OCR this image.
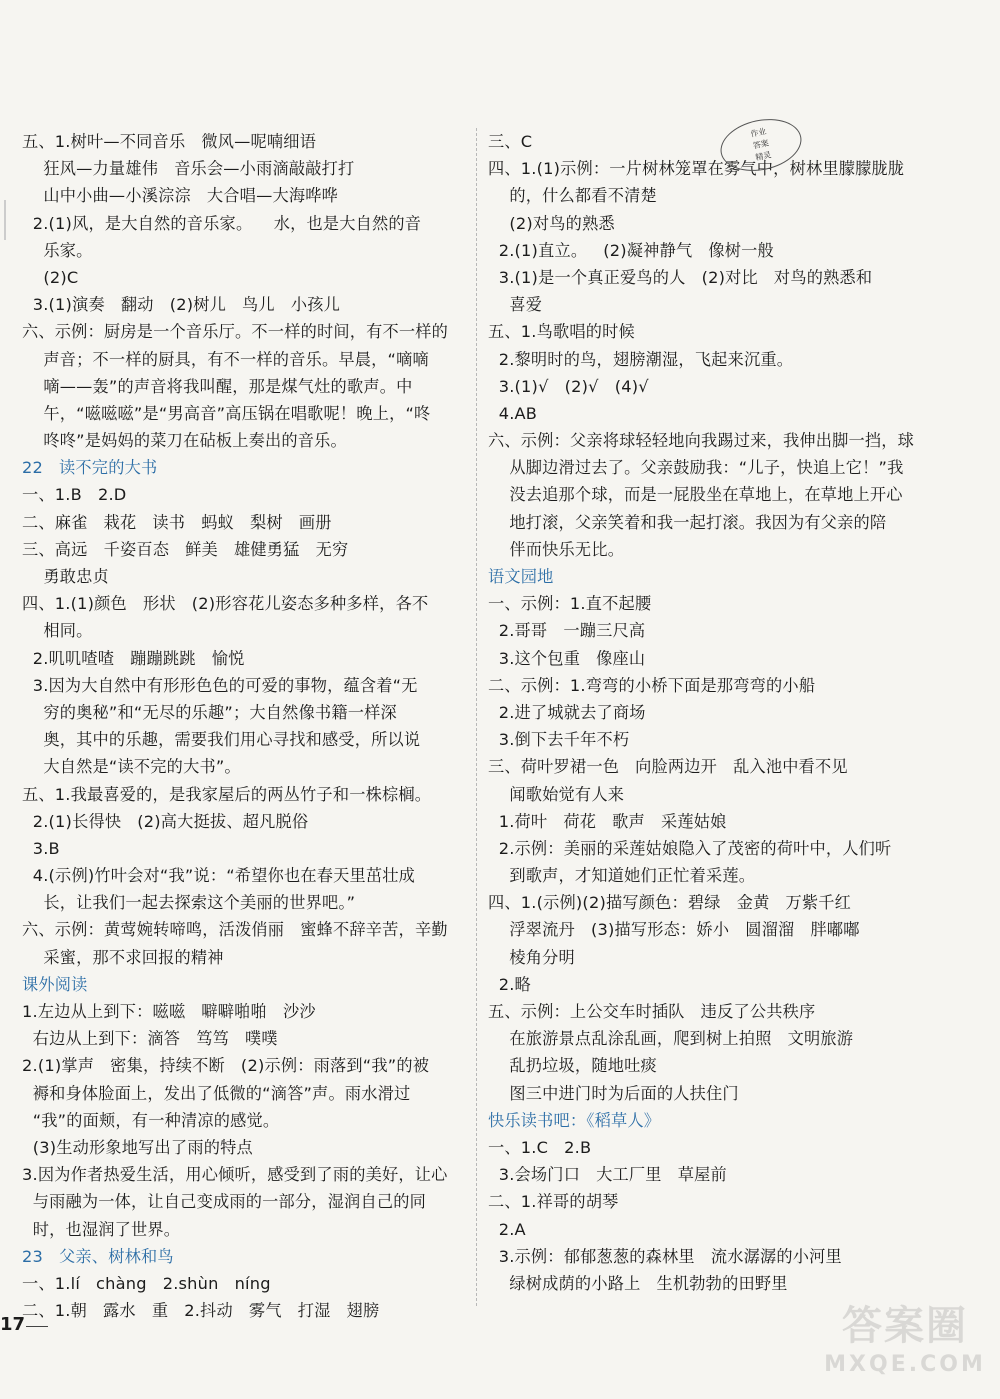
五、1.树叶—不同音乐   微风—呢喃细语
狂风—力量雄伟   音乐会—小雨滴敲敲打打
山中小曲—小溪淙淙   大合唱—大海哗哗
2.(1)风，是大自然的音乐家。    水，也是大自然的音
乐家。
(2)C
3.(1)演奏   翻动   (2)树儿   鸟儿   小孩儿
六、示例：厨房是一个音乐厅。不一样的时间，有不一样的
声音；不一样的厨具，有不一样的音乐。早晨，“嘀嘀
嘀——轰”的声音将我叫醒，那是煤气灶的歌声。中
午，“嗞嗞嗞”是“男高音”高压锅在唱歌呢！晚上，“咚
咚咚”是妈妈的菜刀在砧板上奏出的音乐。
22   读不完的大书
一、1.B   2.D
二、麻雀   栽花   读书   蚂蚁   梨树   画册
三、高远   千姿百态   鲜美   雄健勇猛   无穷
勇敢忠贞
四、1.(1)颜色   形状   (2)形容花儿姿态多种多样，各不
相同。
2.叽叽喳喳   蹦蹦跳跳   愉悦
3.因为大自然中有形形色色的可爱的事物，蕴含着“无
穷的奥秘”和“无尽的乐趣”；大自然像书籍一样深
奥，其中的乐趣，需要我们用心寻找和感受，所以说
大自然是“读不完的大书”。
五、1.我最喜爱的，是我家屋后的两丛竹子和一株棕榈。
2.(1)长得快   (2)高大挺拔、超凡脱俗
3.B
4.(示例)竹叶会对“我”说：“希望你也在春天里茁壮成
长，让我们一起去探索这个美丽的世界吧。”
六、示例：黄莺婉转啼鸣，活泼俏丽   蜜蜂不辞辛苦，辛勤
采蜜，那不求回报的精神
课外阅读
1.左边从上到下：嗞嗞   噼噼啪啪   沙沙
右边从上到下：滴答   笃笃   噗噗
2.(1)掌声   密集，持续不断   (2)示例：雨落到“我”的被
褥和身体脸面上，发出了低微的“滴答”声。雨水滑过
“我”的面颊，有一种清凉的感觉。
(3)生动形象地写出了雨的特点
3.因为作者热爱生活，用心倾听，感受到了雨的美好，让心
与雨融为一体，让自己变成雨的一部分，湿润自己的同
时，也湿润了世界。
23   父亲、树林和鸟
一、1.lí   chàng   2.shùn   níng
二、1.朝   露水   重   2.抖动   雾气   打湿   翅膀
三、C
四、1.(1)示例：一片树林笼罩在雾气中，树林里朦朦胧胧
的，什么都看不清楚
(2)对鸟的熟悉
2.(1)直立。   (2)凝神静气   像树一般
3.(1)是一个真正爱鸟的人   (2)对比   对鸟的熟悉和
喜爱
五、1.鸟歌唱的时候
2.黎明时的鸟，翅膀潮湿，飞起来沉重。
3.(1)√   (2)√   (4)√
4.AB
六、示例：父亲将球轻轻地向我踢过来，我伸出脚一挡，球
从脚边滑过去了。父亲鼓励我：“儿子，快追上它！”我
没去追那个球，而是一屁股坐在草地上，在草地上开心
地打滚，父亲笑着和我一起打滚。我因为有父亲的陪
伴而快乐无比。
语文园地
一、示例：1.直不起腰
2.哥哥   一蹦三尺高
3.这个包重   像座山
二、示例：1.弯弯的小桥下面是那弯弯的小船
2.进了城就去了商场
3.倒下去千年不朽
三、荷叶罗裙一色   向脸两边开   乱入池中看不见
闻歌始觉有人来
1.荷叶   荷花   歌声   采莲姑娘
2.示例：美丽的采莲姑娘隐入了茂密的荷叶中，人们听
到歌声，才知道她们正忙着采莲。
四、1.(示例)(2)描写颜色：碧绿   金黄   万紫千红
浮翠流丹   (3)描写形态：娇小   圆溜溜   胖嘟嘟
棱角分明
2.略
五、示例：上公交车时插队   违反了公共秩序
在旅游景点乱涂乱画，爬到树上拍照   文明旅游
乱扔垃圾，随地吐痰
图三中进门时为后面的人扶住门
快乐读书吧：《稻草人》
一、1.C   2.B
3.会场门口   大工厂里   草屋前
二、1.祥哥的胡琴
2.A
3.示例：郁郁葱葱的森林里   流水潺潺的小河里
绿树成荫的小路上   生机勃勃的田野里
作业
答案
精灵
17	答案圈
MXQE.COM
